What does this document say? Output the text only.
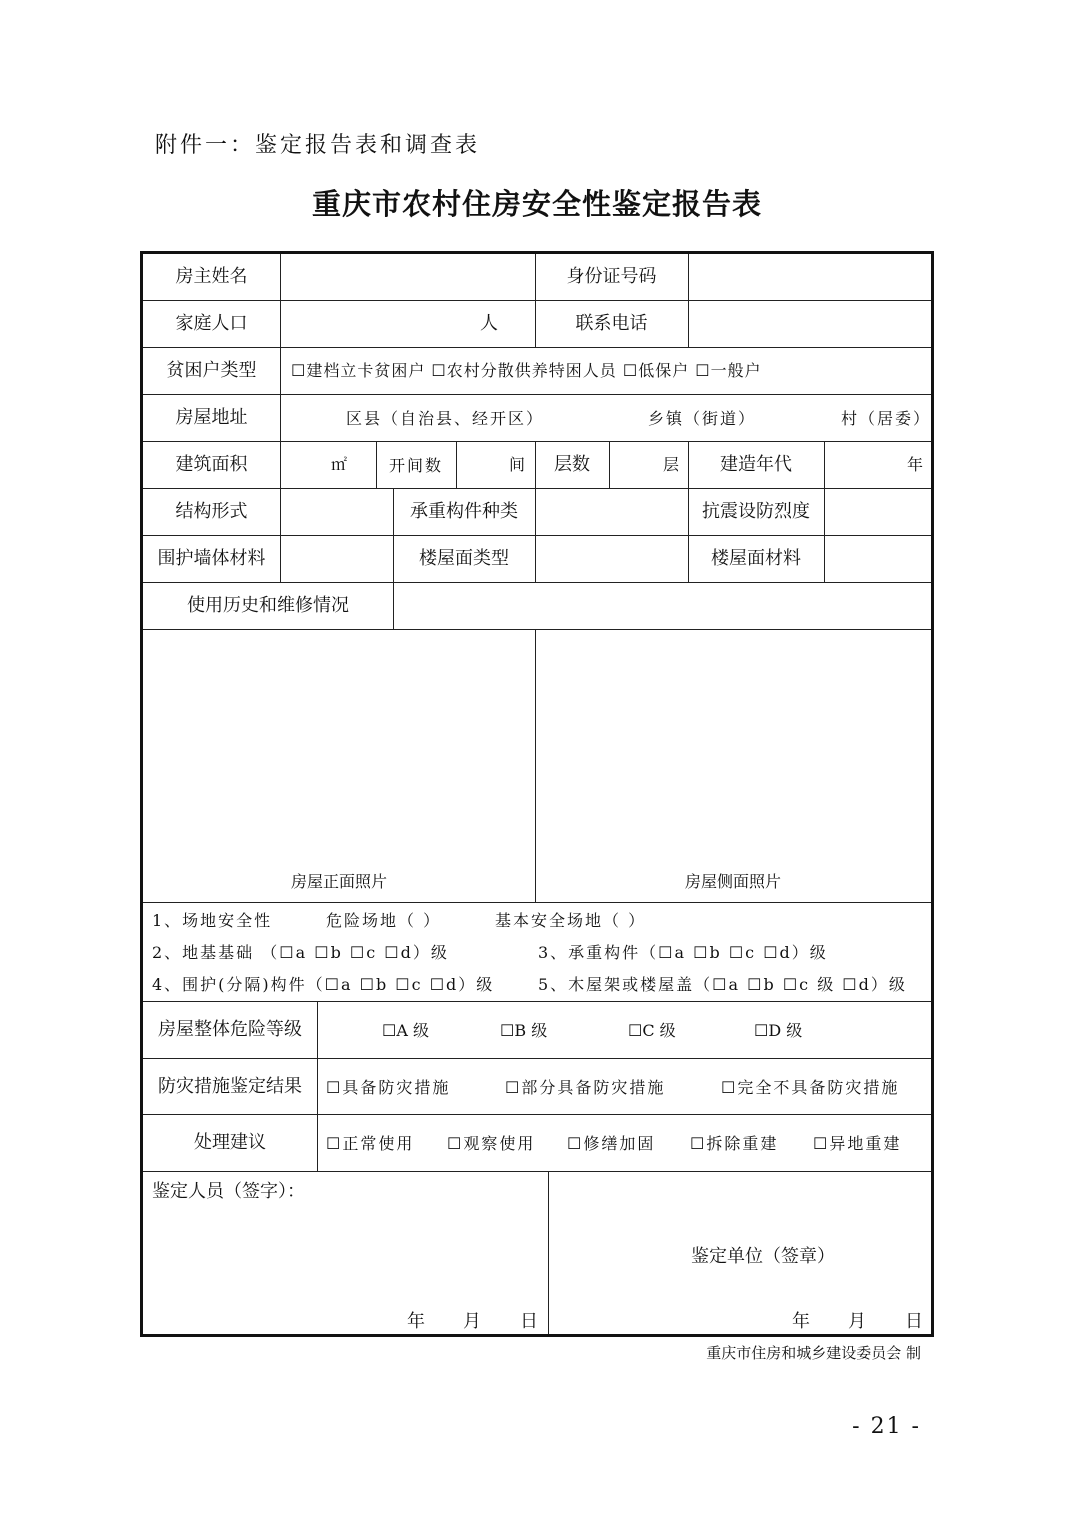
附件一：鉴定报告表和调查表
重庆市农村住房安全性鉴定报告表
房主姓名	身份证号码
家庭人口	人	联系电话
贫困户类型	☐建档立卡贫困户 ☐农村分散供养特困人员 ☐低保户 ☐一般户
房屋地址	区县（自治县、经开区）	乡镇（街道）	村（居委）
建筑面积	㎡	开间数	间	层数	层	建造年代	年
结构形式	承重构件种类	抗震设防烈度
围护墙体材料	楼屋面类型	楼屋面材料
使用历史和维修情况
房屋正面照片	房屋侧面照片
1、场地安全性	危险场地（ ）	基本安全场地（ ）
2、地基基础 （☐a ☐b ☐c ☐d）级	3、承重构件（☐a ☐b ☐c ☐d）级
4、围护(分隔)构件（☐a ☐b ☐c ☐d）级	5、木屋架或楼屋盖（☐a ☐b ☐c 级 ☐d）级
房屋整体危险等级	☐A 级	☐B 级	☐C 级	☐D 级
防灾措施鉴定结果	☐具备防灾措施	☐部分具备防灾措施	☐完全不具备防灾措施
处理建议	☐正常使用 ☐观察使用 ☐修缮加固 ☐拆除重建 ☐异地重建
鉴定人员（签字）：
鉴定单位（签章）
年 月 日	年 月 日
重庆市住房和城乡建设委员会 制
- 21 -
